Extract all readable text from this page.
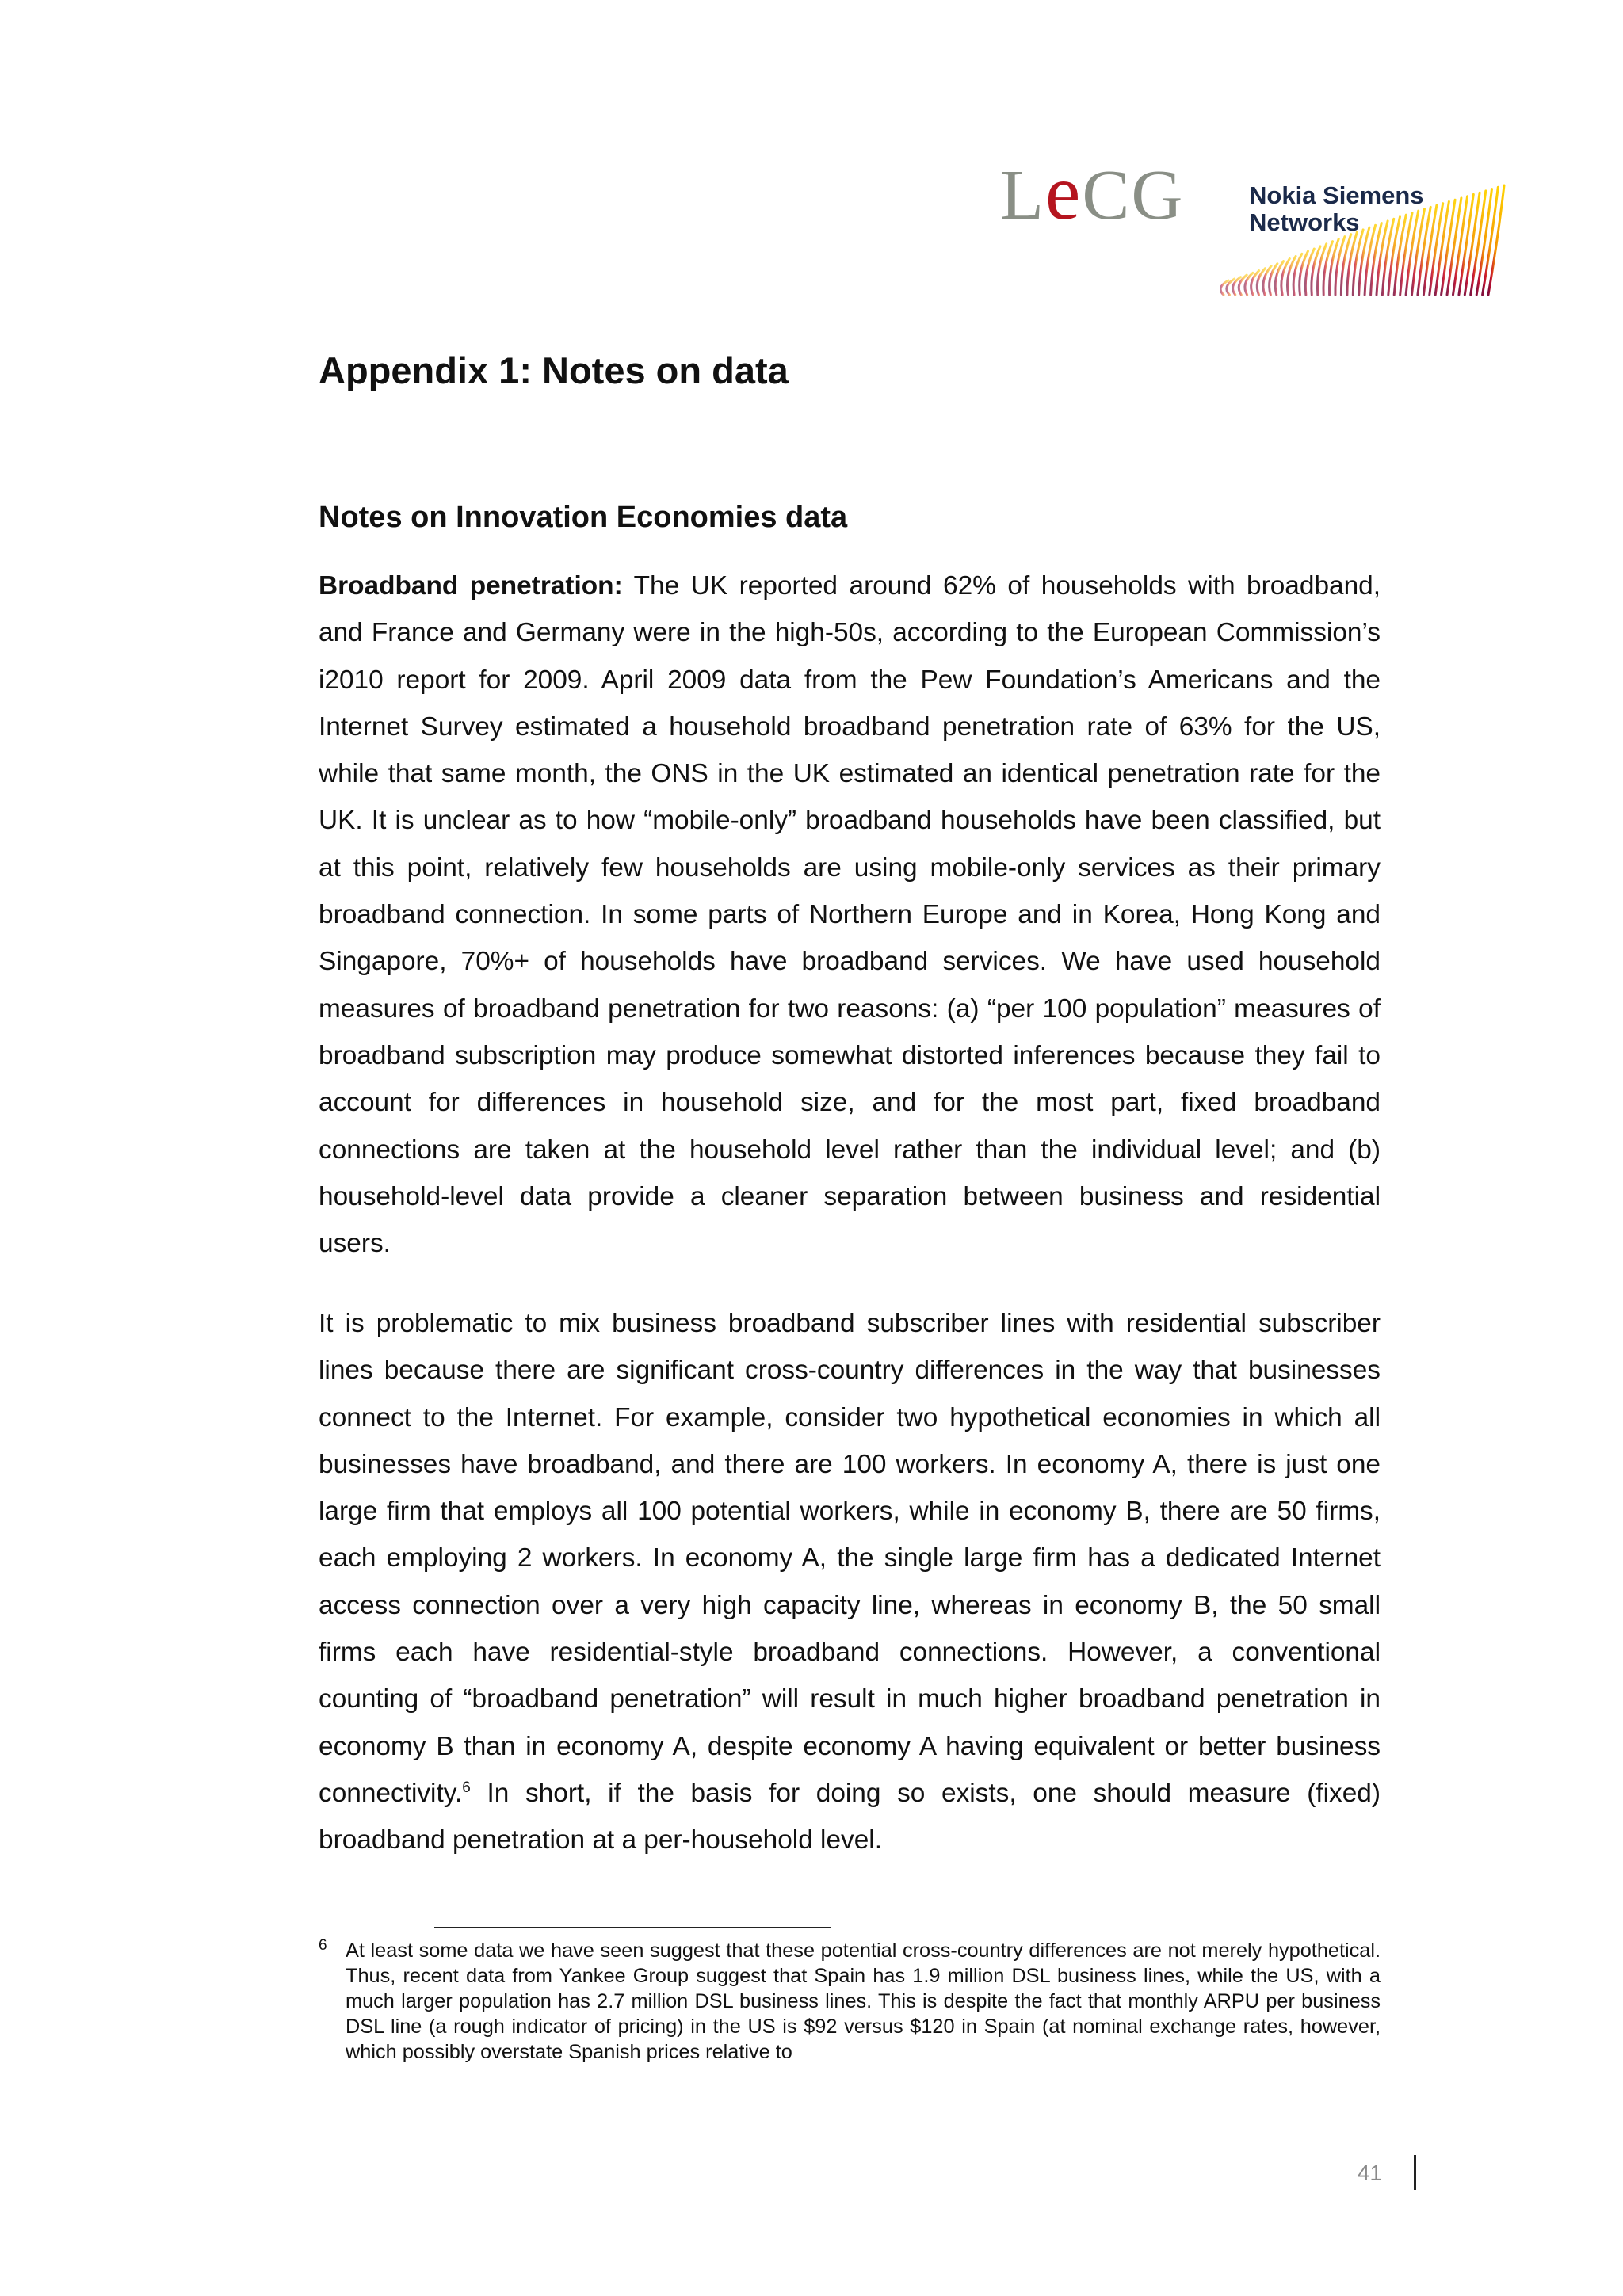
LeCG	Nokia Siemens
Networks
Appendix 1: Notes on data
Notes on Innovation Economies data

Broadband penetration: The UK reported around 62% of households with broadband, and France and Germany were in the high-50s, according to the European Commission’s i2010 report for 2009. April 2009 data from the Pew Foundation’s Americans and the Internet Survey estimated a household broadband penetration rate of 63% for the US, while that same month, the ONS in the UK estimated an identical penetration rate for the UK. It is unclear as to how “mobile-only” broadband households have been classified, but at this point, relatively few households are using mobile-only services as their primary broadband connection. In some parts of Northern Europe and in Korea, Hong Kong and Singapore, 70%+ of households have broadband services. We have used household measures of broadband penetration for two reasons: (a) “per 100 population” measures of broadband subscription may produce somewhat distorted inferences because they fail to account for differences in household size, and for the most part, fixed broadband connections are taken at the household level rather than the individual level; and (b) household-level data provide a cleaner separation between business and residential users.

It is problematic to mix business broadband subscriber lines with residential subscriber lines because there are significant cross-country differences in the way that businesses connect to the Internet. For example, consider two hypothetical economies in which all businesses have broadband, and there are 100 workers. In economy A, there is just one large firm that employs all 100 potential workers, while in economy B, there are 50 firms, each employing 2 workers. In economy A, the single large firm has a dedicated Internet access connection over a very high capacity line, whereas in economy B, the 50 small firms each have residential-style broadband connections. However, a conventional counting of “broadband penetration” will result in much higher broadband penetration in economy B than in economy A, despite economy A having equivalent or better business connectivity.$^6$ In short, if the basis for doing so exists, one should measure (fixed) broadband penetration at a per-household level.

6 At least some data we have seen suggest that these potential cross-country differences are not merely hypothetical. Thus, recent data from Yankee Group suggest that Spain has 1.9 million DSL business lines, while the US, with a much larger population has 2.7 million DSL business lines. This is despite the fact that monthly ARPU per business DSL line (a rough indicator of pricing) in the US is $92 versus $120 in Spain (at nominal exchange rates, however, which possibly overstate Spanish prices relative to

41
